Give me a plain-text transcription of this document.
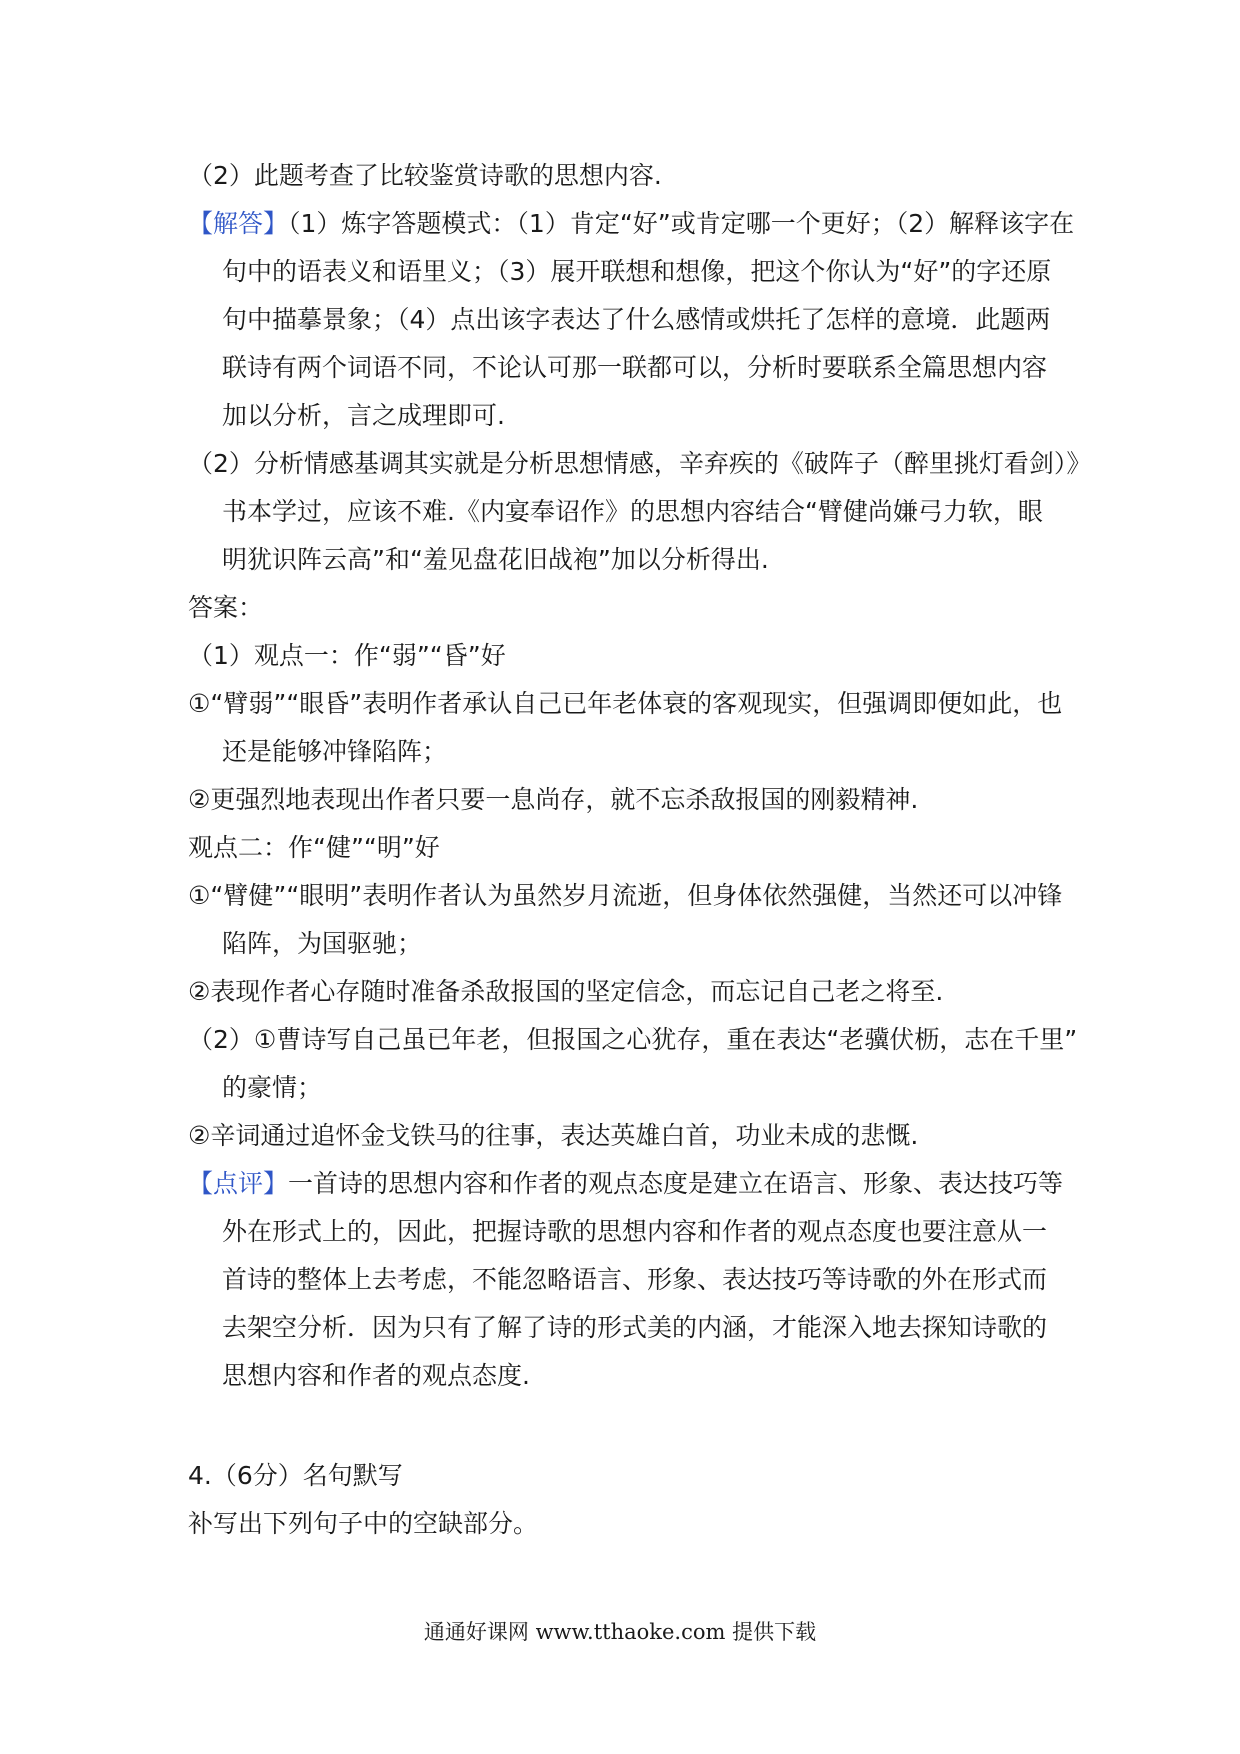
（2）此题考查了比较鉴赏诗歌的思想内容.
【解答】（1）炼字答题模式：（1）肯定“好”或肯定哪一个更好；（2）解释该字在
句中的语表义和语里义；（3）展开联想和想像，把这个你认为“好”的字还原
句中描摹景象；（4）点出该字表达了什么感情或烘托了怎样的意境．此题两
联诗有两个词语不同，不论认可那一联都可以，分析时要联系全篇思想内容
加以分析，言之成理即可.
（2）分析情感基调其实就是分析思想情感，辛弃疾的《破阵子（醉里挑灯看剑）》
书本学过，应该不难.《内宴奉诏作》的思想内容结合“臂健尚嫌弓力软，眼
明犹识阵云高”和“羞见盘花旧战袍”加以分析得出.
答案：
（1）观点一：作“弱”“昏”好
①“臂弱”“眼昏”表明作者承认自己已年老体衰的客观现实，但强调即便如此，也
还是能够冲锋陷阵；
②更强烈地表现出作者只要一息尚存，就不忘杀敌报国的刚毅精神.
观点二：作“健”“明”好
①“臂健”“眼明”表明作者认为虽然岁月流逝，但身体依然强健，当然还可以冲锋
陷阵，为国驱驰；
②表现作者心存随时准备杀敌报国的坚定信念，而忘记自己老之将至.
（2）①曹诗写自己虽已年老，但报国之心犹存，重在表达“老骥伏枥，志在千里”
的豪情；
②辛词通过追怀金戈铁马的往事，表达英雄白首，功业未成的悲慨.
【点评】一首诗的思想内容和作者的观点态度是建立在语言、形象、表达技巧等
外在形式上的，因此，把握诗歌的思想内容和作者的观点态度也要注意从一
首诗的整体上去考虑，不能忽略语言、形象、表达技巧等诗歌的外在形式而
去架空分析．因为只有了解了诗的形式美的内涵，才能深入地去探知诗歌的
思想内容和作者的观点态度.
4.（6分）名句默写
补写出下列句子中的空缺部分。
通通好课网 www.tthaoke.com 提供下载
